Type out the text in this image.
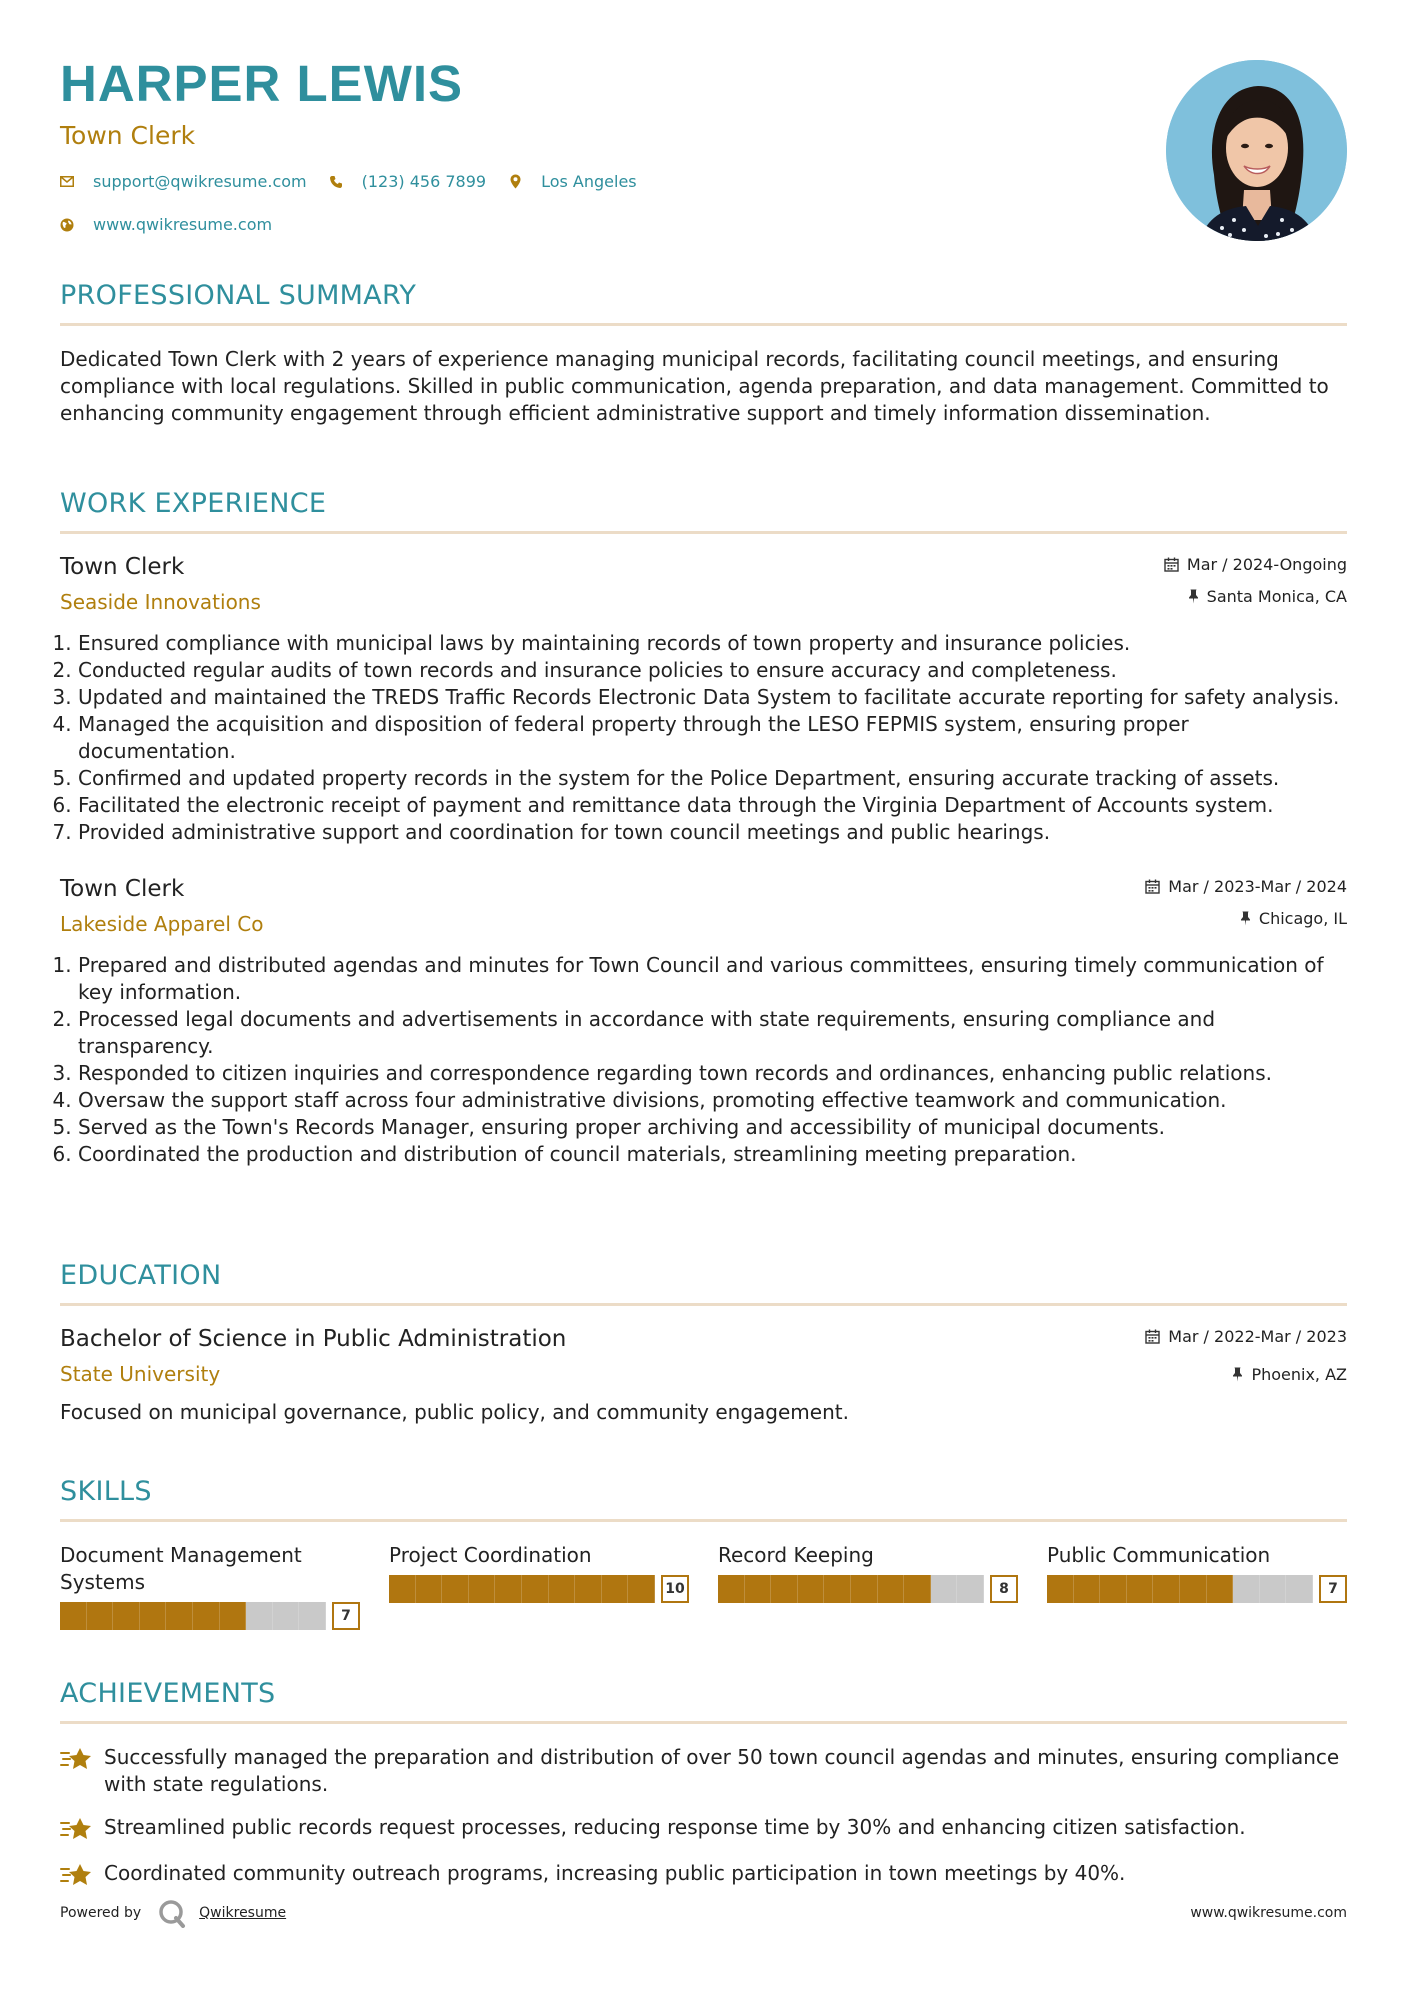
HARPER LEWIS
Town Clerk
support@qwikresume.com	(123) 456 7899	Los Angeles
www.qwikresume.com
PROFESSIONAL SUMMARY
Dedicated Town Clerk with 2 years of experience managing municipal records, facilitating council meetings, and ensuring compliance with local regulations. Skilled in public communication, agenda preparation, and data management. Committed to enhancing community engagement through efficient administrative support and timely information dissemination.
WORK EXPERIENCE
Town Clerk
Seaside Innovations
Mar / 2024-Ongoing
Santa Monica, CA
1. Ensured compliance with municipal laws by maintaining records of town property and insurance policies.
2. Conducted regular audits of town records and insurance policies to ensure accuracy and completeness.
3. Updated and maintained the TREDS Traffic Records Electronic Data System to facilitate accurate reporting for safety analysis.
4. Managed the acquisition and disposition of federal property through the LESO FEPMIS system, ensuring proper documentation.
5. Confirmed and updated property records in the system for the Police Department, ensuring accurate tracking of assets.
6. Facilitated the electronic receipt of payment and remittance data through the Virginia Department of Accounts system.
7. Provided administrative support and coordination for town council meetings and public hearings.
Town Clerk
Lakeside Apparel Co
Mar / 2023-Mar / 2024
Chicago, IL
1. Prepared and distributed agendas and minutes for Town Council and various committees, ensuring timely communication of key information.
2. Processed legal documents and advertisements in accordance with state requirements, ensuring compliance and transparency.
3. Responded to citizen inquiries and correspondence regarding town records and ordinances, enhancing public relations.
4. Oversaw the support staff across four administrative divisions, promoting effective teamwork and communication.
5. Served as the Town's Records Manager, ensuring proper archiving and accessibility of municipal documents.
6. Coordinated the production and distribution of council materials, streamlining meeting preparation.
EDUCATION
Bachelor of Science in Public Administration
State University
Mar / 2022-Mar / 2023
Phoenix, AZ
Focused on municipal governance, public policy, and community engagement.
SKILLS
Document Management Systems
7
Project Coordination
10
Record Keeping
8
Public Communication
7
ACHIEVEMENTS
Successfully managed the preparation and distribution of over 50 town council agendas and minutes, ensuring compliance with state regulations.
Streamlined public records request processes, reducing response time by 30% and enhancing citizen satisfaction.
Coordinated community outreach programs, increasing public participation in town meetings by 40%.
Powered by	Qwikresume	www.qwikresume.com
